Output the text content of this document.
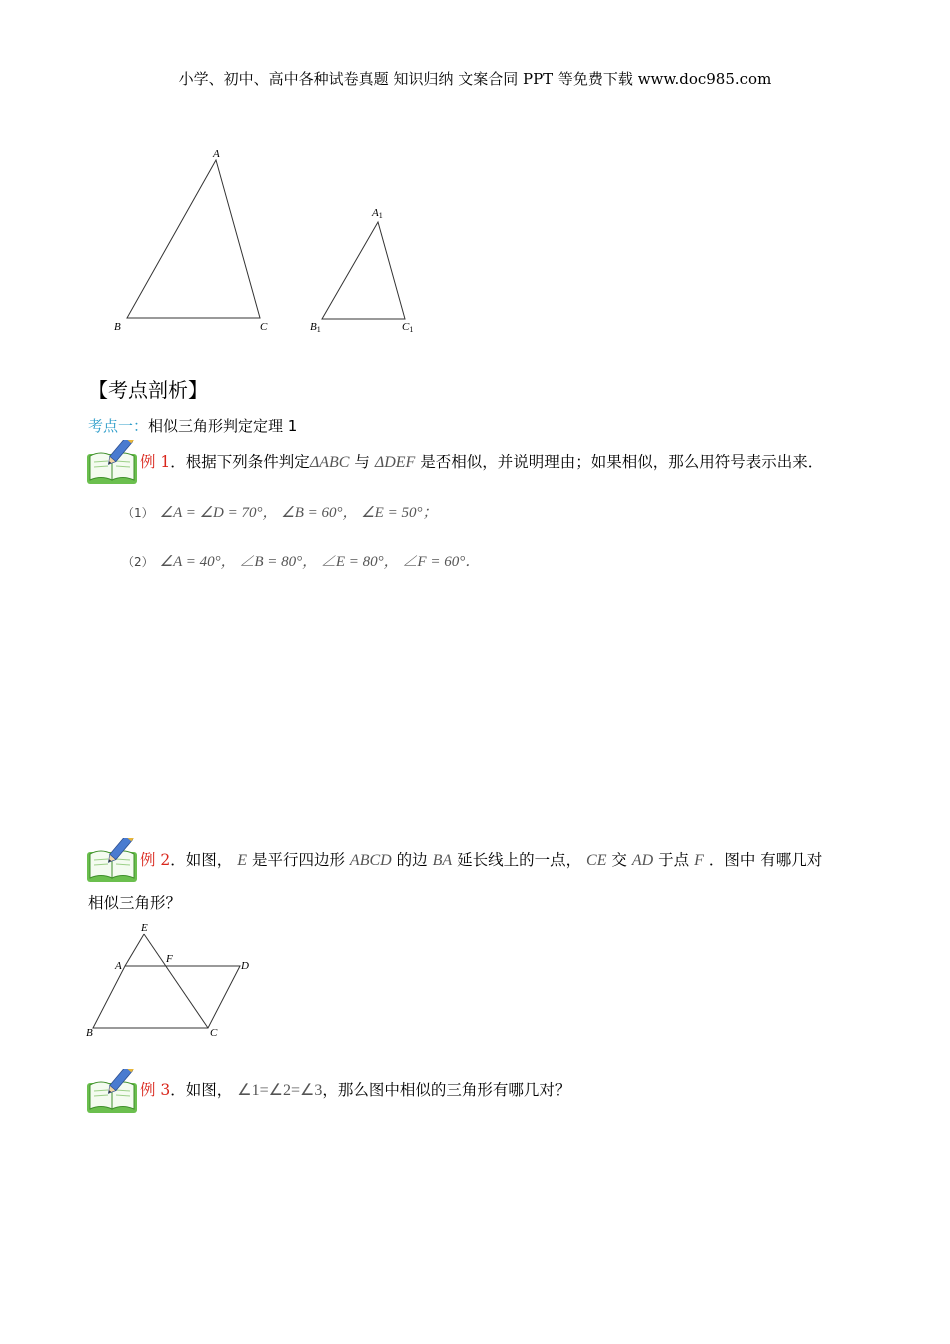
小学、初中、高中各种试卷真题 知识归纳 文案合同 PPT 等免费下载 www.doc985.com
A
B	C
A1
B1	C1
【考点剖析】
考点一：相似三角形判定定理 1
例 1．根据下列条件判定ΔABC 与 ΔDEF 是否相似，并说明理由；如果相似，那么用符号表示出来．
（1） ∠A = ∠D = 70°， ∠B = 60°， ∠E = 50°；
（2） ∠A = 40°， ∠B = 80°， ∠E = 80°， ∠F = 60°．
例 2．如图， E 是平行四边形 ABCD 的边 BA 延长线上的一点， CE 交 AD 于点 F ．图中 有哪几对
相似三角形？
E
A
F
D
B	C
例 3．如图， ∠1=∠2=∠3，那么图中相似的三角形有哪几对？
